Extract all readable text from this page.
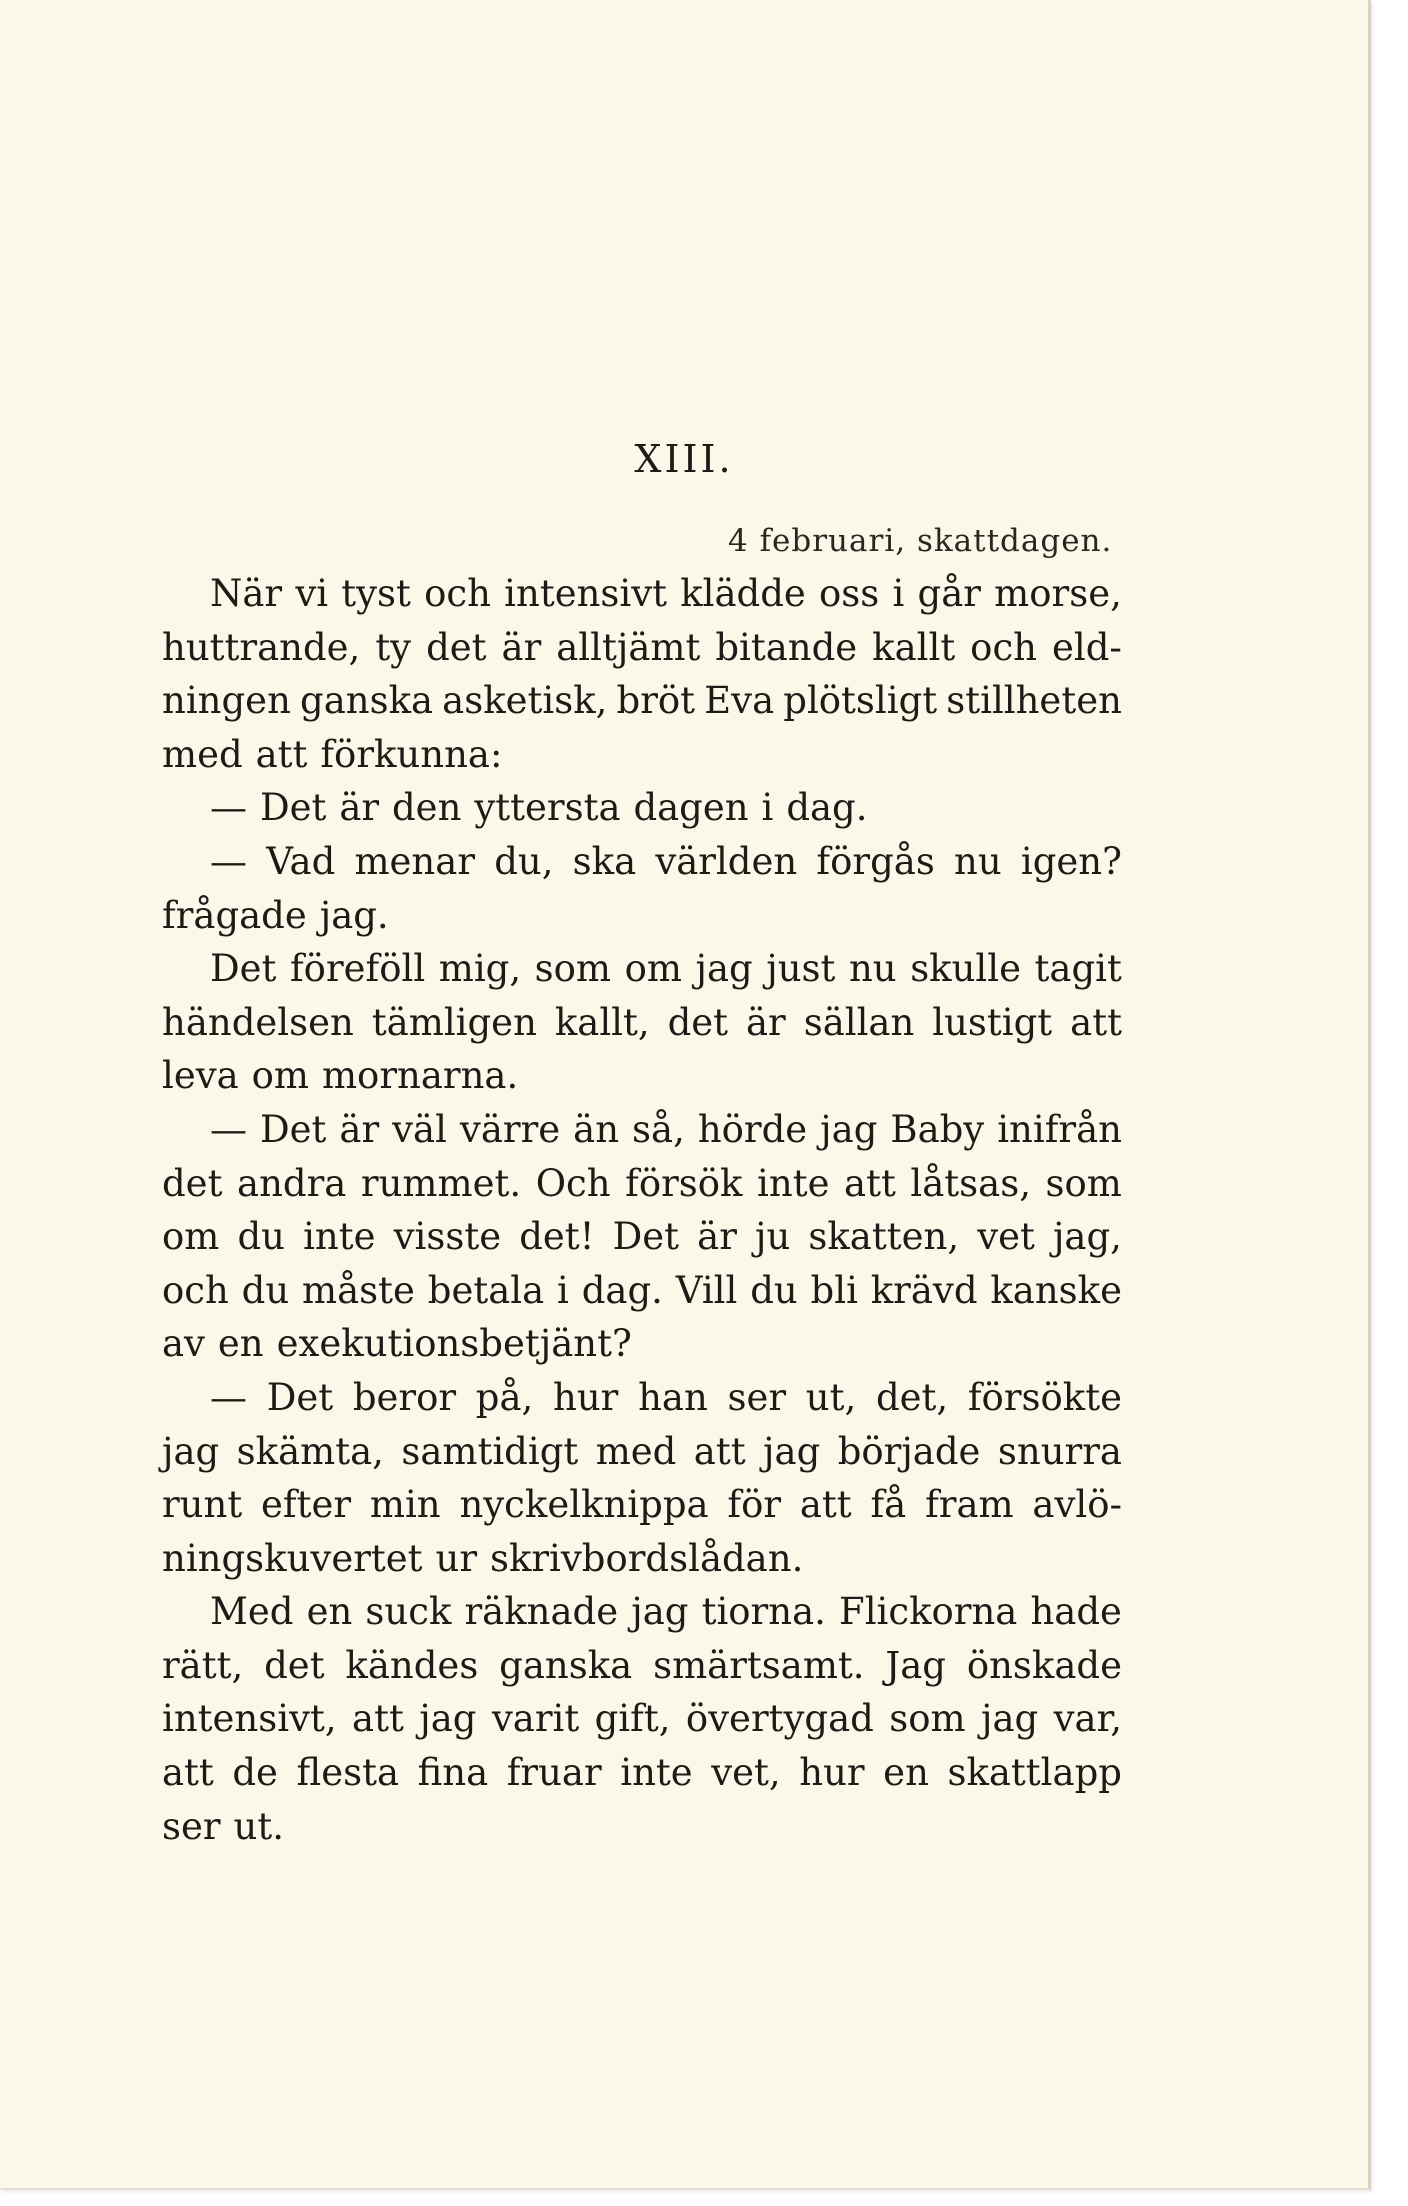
XIII.
4 februari, skattdagen.
När vi tyst och intensivt klädde oss i går morse,
huttrande, ty det är alltjämt bitande kallt och eld-
ningen ganska asketisk, bröt Eva plötsligt stillheten
med att förkunna:
— Det är den yttersta dagen i dag.
— Vad menar du, ska världen förgås nu igen?
frågade jag.
Det föreföll mig, som om jag just nu skulle tagit
händelsen tämligen kallt, det är sällan lustigt att
leva om mornarna.
— Det är väl värre än så, hörde jag Baby inifrån
det andra rummet. Och försök inte att låtsas, som
om du inte visste det! Det är ju skatten, vet jag,
och du måste betala i dag. Vill du bli krävd kanske
av en exekutionsbetjänt?
— Det beror på, hur han ser ut, det, försökte
jag skämta, samtidigt med att jag började snurra
runt efter min nyckelknippa för att få fram avlö-
ningskuvertet ur skrivbordslådan.
Med en suck räknade jag tiorna. Flickorna hade
rätt, det kändes ganska smärtsamt. Jag önskade
intensivt, att jag varit gift, övertygad som jag var,
att de flesta fina fruar inte vet, hur en skattlapp
ser ut.
